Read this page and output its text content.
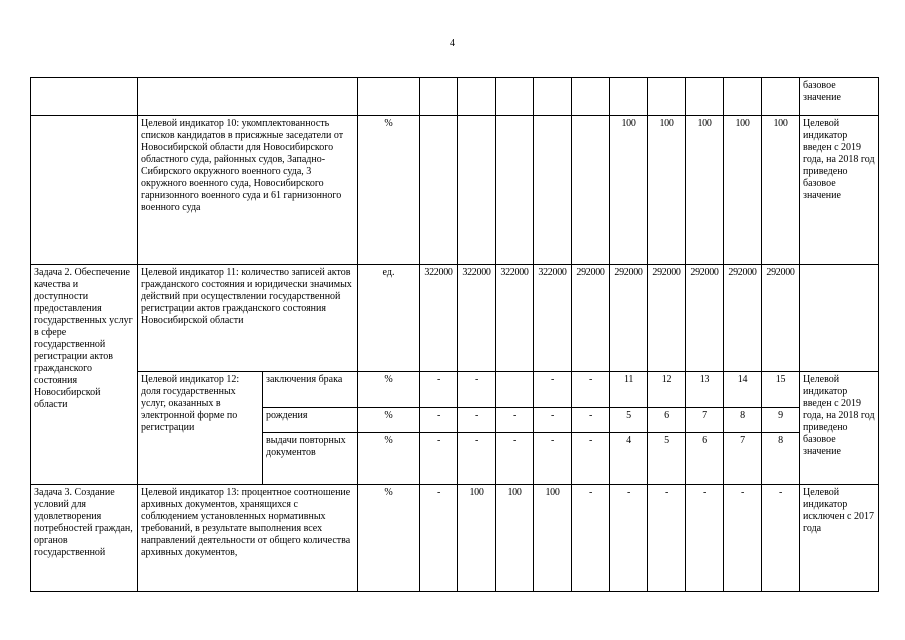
4
														базовое значение
	Целевой индикатор 10: укомплектованность списков кандидатов в присяжные заседатели от Новосибирской области для Новосибирского областного суда, районных судов, Западно-Сибирского окружного военного суда, 3 окружного военного суда, Новосибирского гарнизонного военного суда и 61 гарнизонного военного суда		%						100	100	100	100	100	Целевой индикатор введен с 2019 года, на 2018 год приведено базовое значение
Задача 2. Обеспечение качества и доступности предоставления государственных услуг в сфере государственной регистрации актов гражданского состояния Новосибирской области	Целевой индикатор 11: количество записей актов гражданского состояния и юридически значимых действий при осуществлении государственной регистрации актов гражданского состояния Новосибирской области		ед.	322000	322000	322000	322000	292000	292000	292000	292000	292000	292000	
	Целевой индикатор 12: доля государственных услуг, оказанных в электронной форме по регистрации	заключения брака	%	-	-		-	-	11	12	13	14	15	Целевой индикатор введен с 2019 года, на 2018 год приведено базовое значение
		рождения	%	-	-	-	-	-	5	6	7	8	9	
		выдачи повторных документов	%	-	-	-	-	-	4	5	6	7	8	
Задача 3. Создание условий для удовлетворения потребностей граждан, органов государственной	Целевой индикатор 13: процентное соотношение архивных документов, хранящихся с соблюдением установленных нормативных требований, в результате выполнения всех направлений деятельности от общего количества архивных документов,		%	-	100	100	100	-	-	-	-	-	-	Целевой индикатор исключен с 2017 года
